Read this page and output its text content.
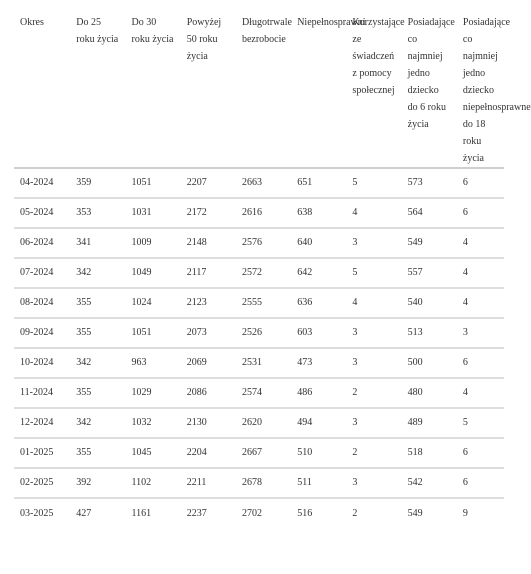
Okres	Do 25 roku życia	Do 30 roku życia	Powyżej 50 roku życia	Długotrwale bezrobocie	Niepełnosprawni	Korzystające ze świadczeń z pomocy społecznej	Posiadające co najmniej jedno dziecko do 6 roku życia	Posiadające co najmniej jedno dziecko niepełnosprawne do 18 roku życia
04-2024	359	1051	2207	2663	651	5	573	6
05-2024	353	1031	2172	2616	638	4	564	6
06-2024	341	1009	2148	2576	640	3	549	4
07-2024	342	1049	2117	2572	642	5	557	4
08-2024	355	1024	2123	2555	636	4	540	4
09-2024	355	1051	2073	2526	603	3	513	3
10-2024	342	963	2069	2531	473	3	500	6
11-2024	355	1029	2086	2574	486	2	480	4
12-2024	342	1032	2130	2620	494	3	489	5
01-2025	355	1045	2204	2667	510	2	518	6
02-2025	392	1102	2211	2678	511	3	542	6
03-2025	427	1161	2237	2702	516	2	549	9
